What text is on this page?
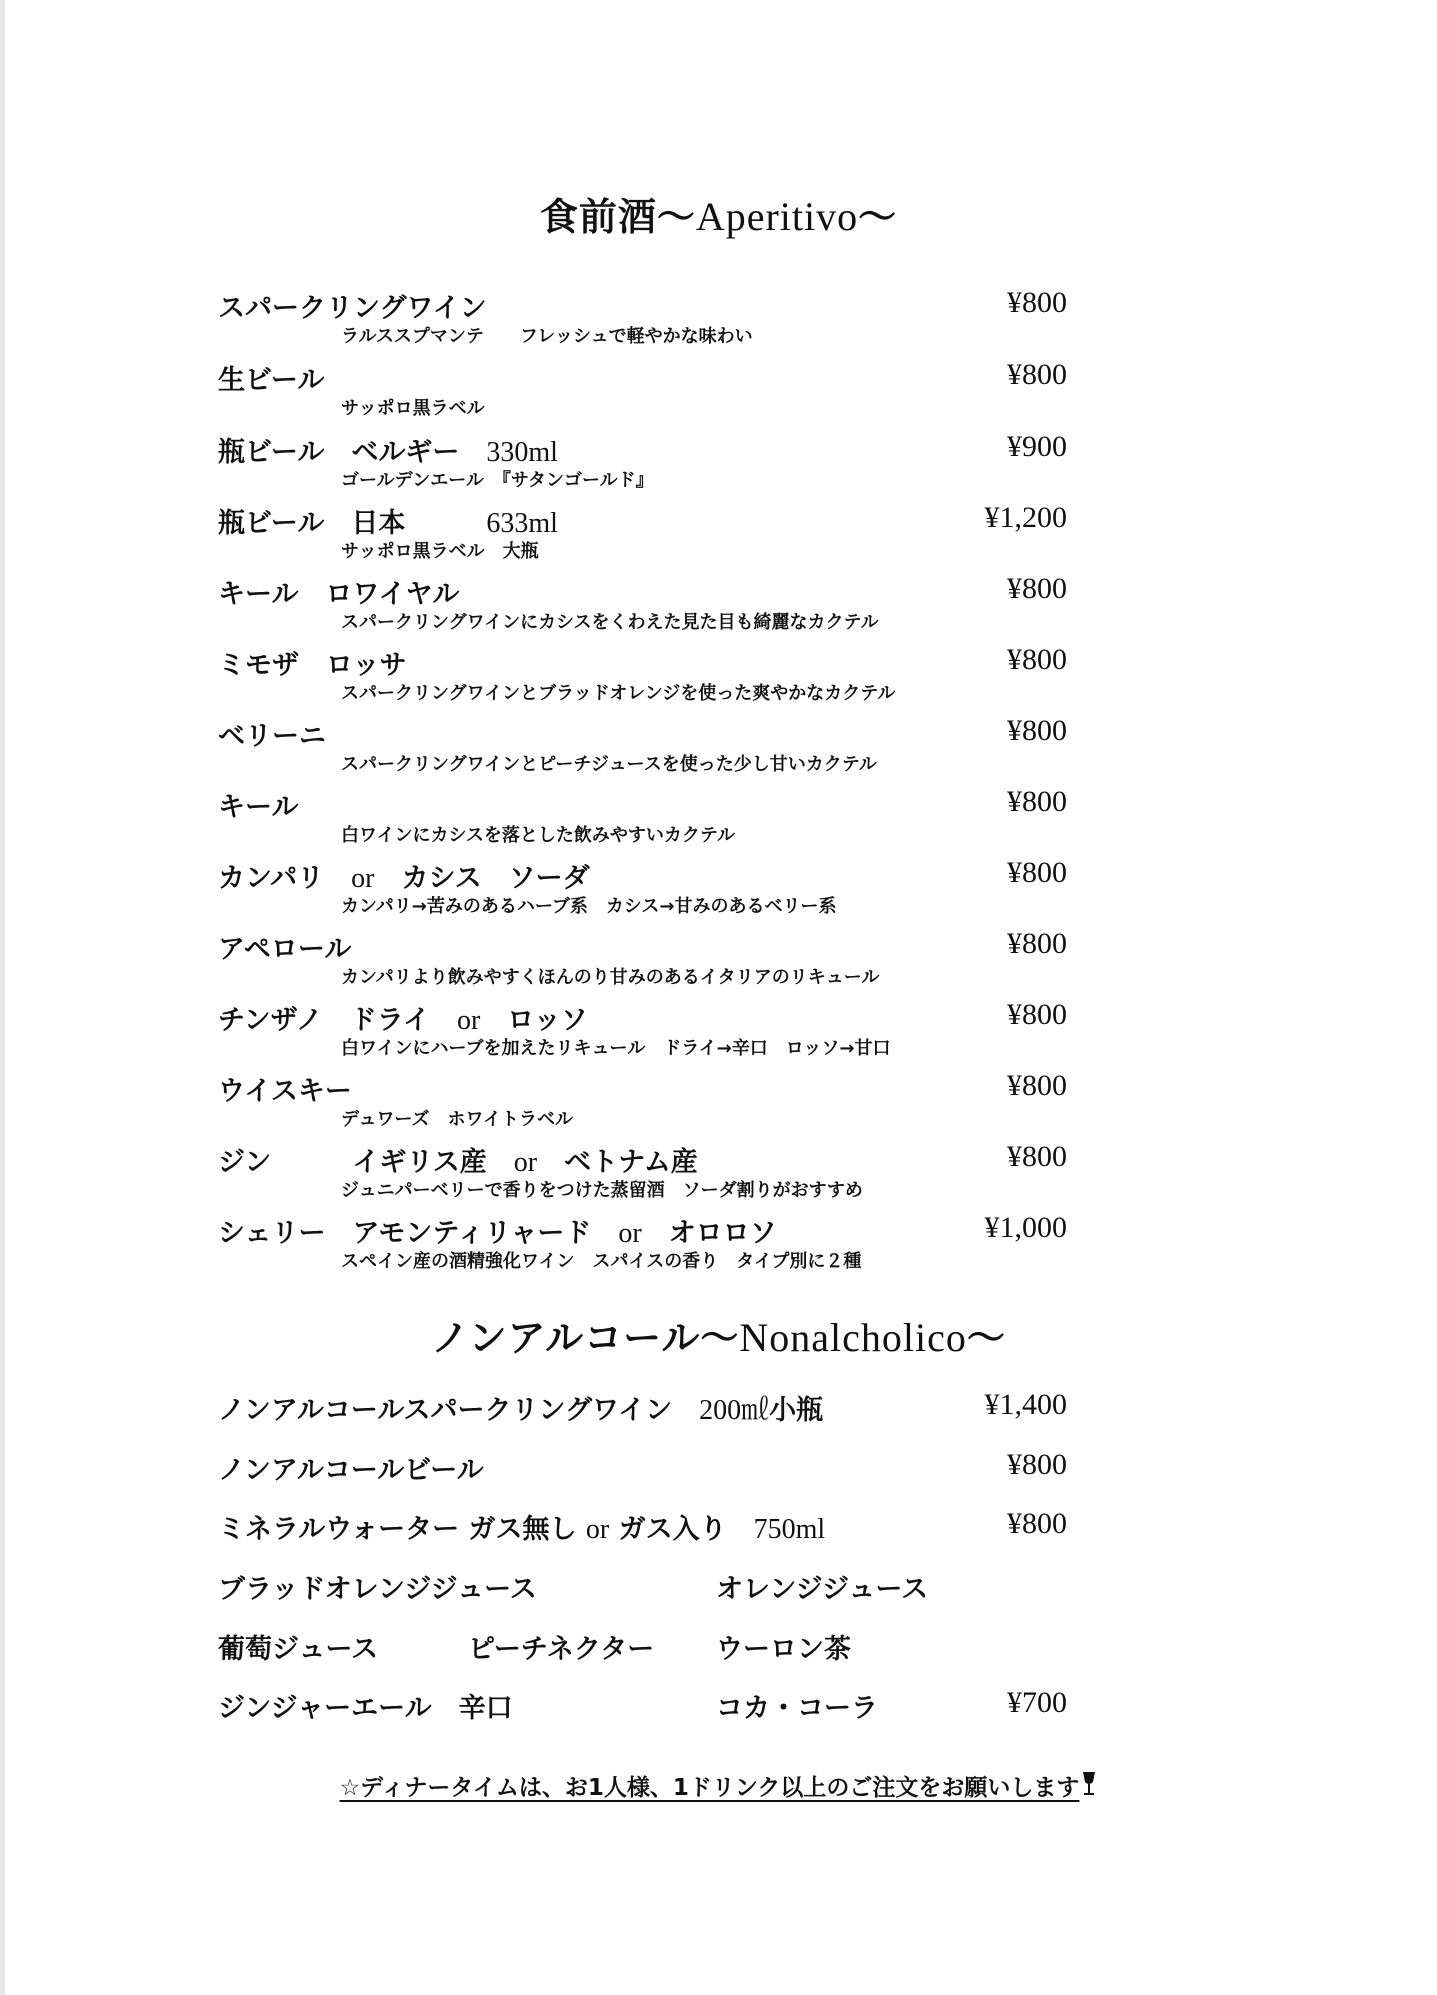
食前酒〜Aperitivo〜
スパークリングワイン	¥800
ラルススプマンテ　　フレッシュで軽やかな味わい
生ビール	¥800
サッポロ黒ラベル
瓶ビール　ベルギー　330ml	¥900
ゴールデンエール　『サタンゴールド』
瓶ビール　日本　　　633ml	¥1,200
サッポロ黒ラベル　大瓶
キール　ロワイヤル	¥800
スパークリングワインにカシスをくわえた見た目も綺麗なカクテル
ミモザ　ロッサ	¥800
スパークリングワインとブラッドオレンジを使った爽やかなカクテル
ベリーニ	¥800
スパークリングワインとピーチジュースを使った少し甘いカクテル
キール	¥800
白ワインにカシスを落とした飲みやすいカクテル
カンパリ　or　カシス　ソーダ	¥800
カンパリ→苦みのあるハーブ系　カシス→甘みのあるベリー系
アペロール	¥800
カンパリより飲みやすくほんのり甘みのあるイタリアのリキュール
チンザノ　ドライ　or　ロッソ	¥800
白ワインにハーブを加えたリキュール　ドライ→辛口　ロッソ→甘口
ウイスキー	¥800
デュワーズ　ホワイトラベル
ジン　　　イギリス産　or　ベトナム産	¥800
ジュニパーベリーで香りをつけた蒸留酒　ソーダ割りがおすすめ
シェリー　アモンティリャード　or　オロロソ	¥1,000
スペイン産の酒精強化ワイン　スパイスの香り　タイプ別に２種
ノンアルコール〜Nonalcholico〜
ノンアルコールスパークリングワイン　200㎖小瓶	¥1,400
ノンアルコールビール	¥800
ミネラルウォーター ガス無し or ガス入り　750ml	¥800
ブラッドオレンジジュース	オレンジジュース
葡萄ジュース	ピーチネクター ウーロン茶
ジンジャーエール　辛口	コカ・コーラ	¥700
☆ディナータイムは、お1人様、1ドリンク以上のご注文をお願いします
